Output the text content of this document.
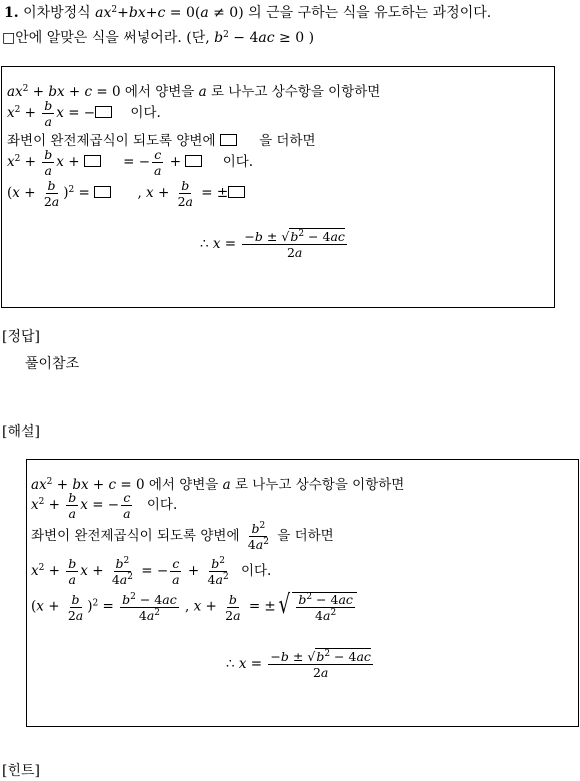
1. 이차방정식 $ax^2+bx+c = 0(a \ne 0)$ 의 근을 구하는 식을 유도하는 과정이다.
□안에 알맞은 식을 써넣어라. (단, $b^2 - 4ac \ge 0$ )
$ax^2$ + bx + c = 0 에서 양변을 a 로 나누고 상수항을 이항하면
$x^2 + \frac{b}{a}$ x = −	이다.
좌변이 완전제곱식이 되도록 양변에	을 더하면
$x^2 + \frac{b}{a}$ x +	= − $\frac{c}{a}$ +	이다.
$(x + \frac{b}{2a} )^2$ =	, $x + \frac{b}{2a}$ = ±
∴ $x = \frac{-b \pm √b^2 - 4ac}{2a}$
[정답]
풀이참조
[해설]
$ax^2$ + bx + c = 0 에서 양변을 a 로 나누고 상수항을 이항하면
$x^2 + \frac{b}{a}$ x = − $\frac{c}{a}$ 이다.
좌변이 완전제곱식이 되도록 양변에 $\frac{b^2}{4a^2}$ 을 더하면
$x^2 + \frac{b}{a}$ $x + \frac{b^2}{4a^2}$ = − $\frac{c}{a} + \frac{b^2}{4a^2}$ 이다.
$(x + \frac{b}{2a} )^2 = \frac{b^2 - 4ac}{4a^2}$ , $x + \frac{b}{2a}$ = ± √ $\frac{b^2 - 4ac}{4a^2}$
∴ $x = \frac{-b \pm √b^2 - 4ac}{2a}$
[힌트]
